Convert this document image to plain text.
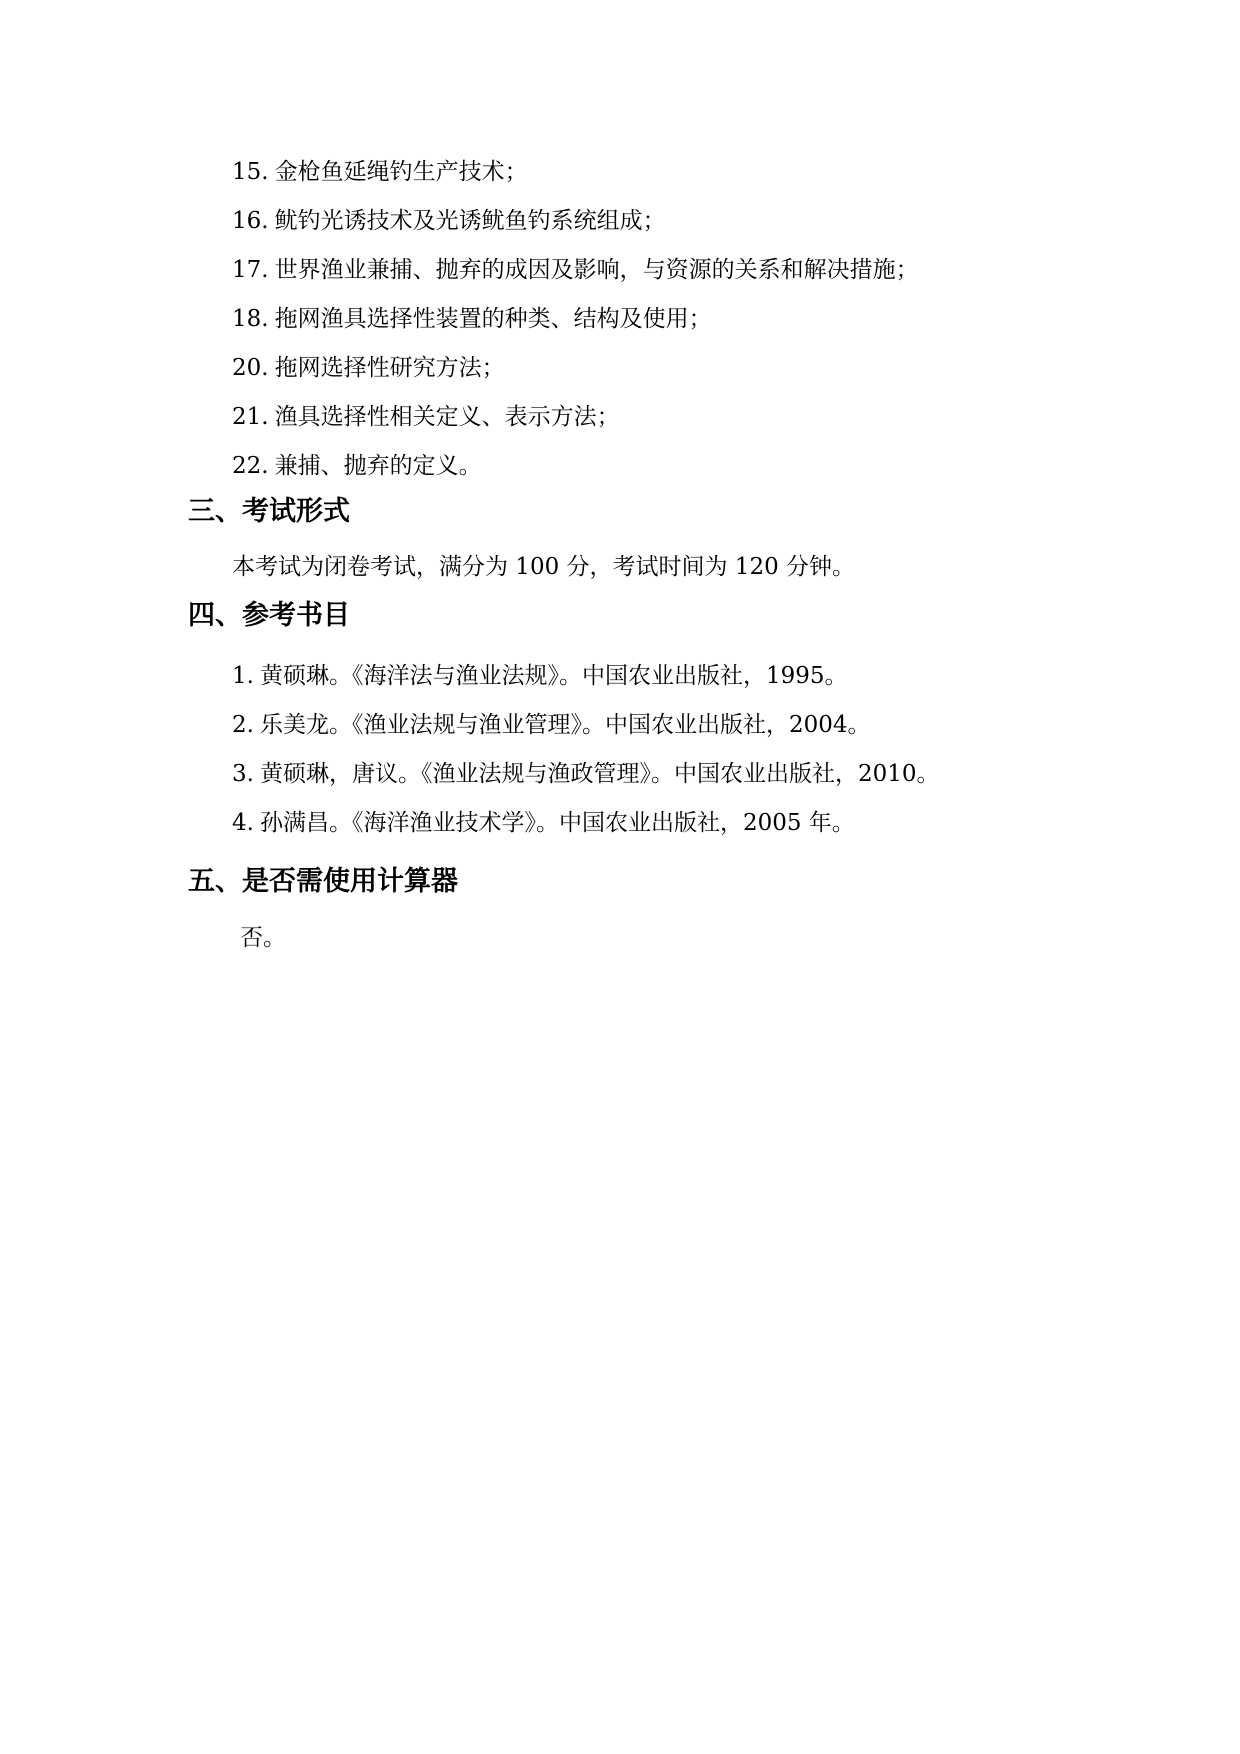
15. 金枪鱼延绳钓生产技术；
16. 鱿钓光诱技术及光诱鱿鱼钓系统组成；
17. 世界渔业兼捕、抛弃的成因及影响，与资源的关系和解决措施；
18. 拖网渔具选择性装置的种类、结构及使用；
20. 拖网选择性研究方法；
21. 渔具选择性相关定义、表示方法；
22. 兼捕、抛弃的定义。
三、考试形式

本考试为闭卷考试，满分为 100 分，考试时间为 120 分钟。

四、参考书目
1. 黄硕琳。《海洋法与渔业法规》。中国农业出版社，1995。
2. 乐美龙。《渔业法规与渔业管理》。中国农业出版社，2004。
3. 黄硕琳，唐议。《渔业法规与渔政管理》。中国农业出版社，2010。
4. 孙满昌。《海洋渔业技术学》。中国农业出版社，2005 年。
五、是否需使用计算器

否。
